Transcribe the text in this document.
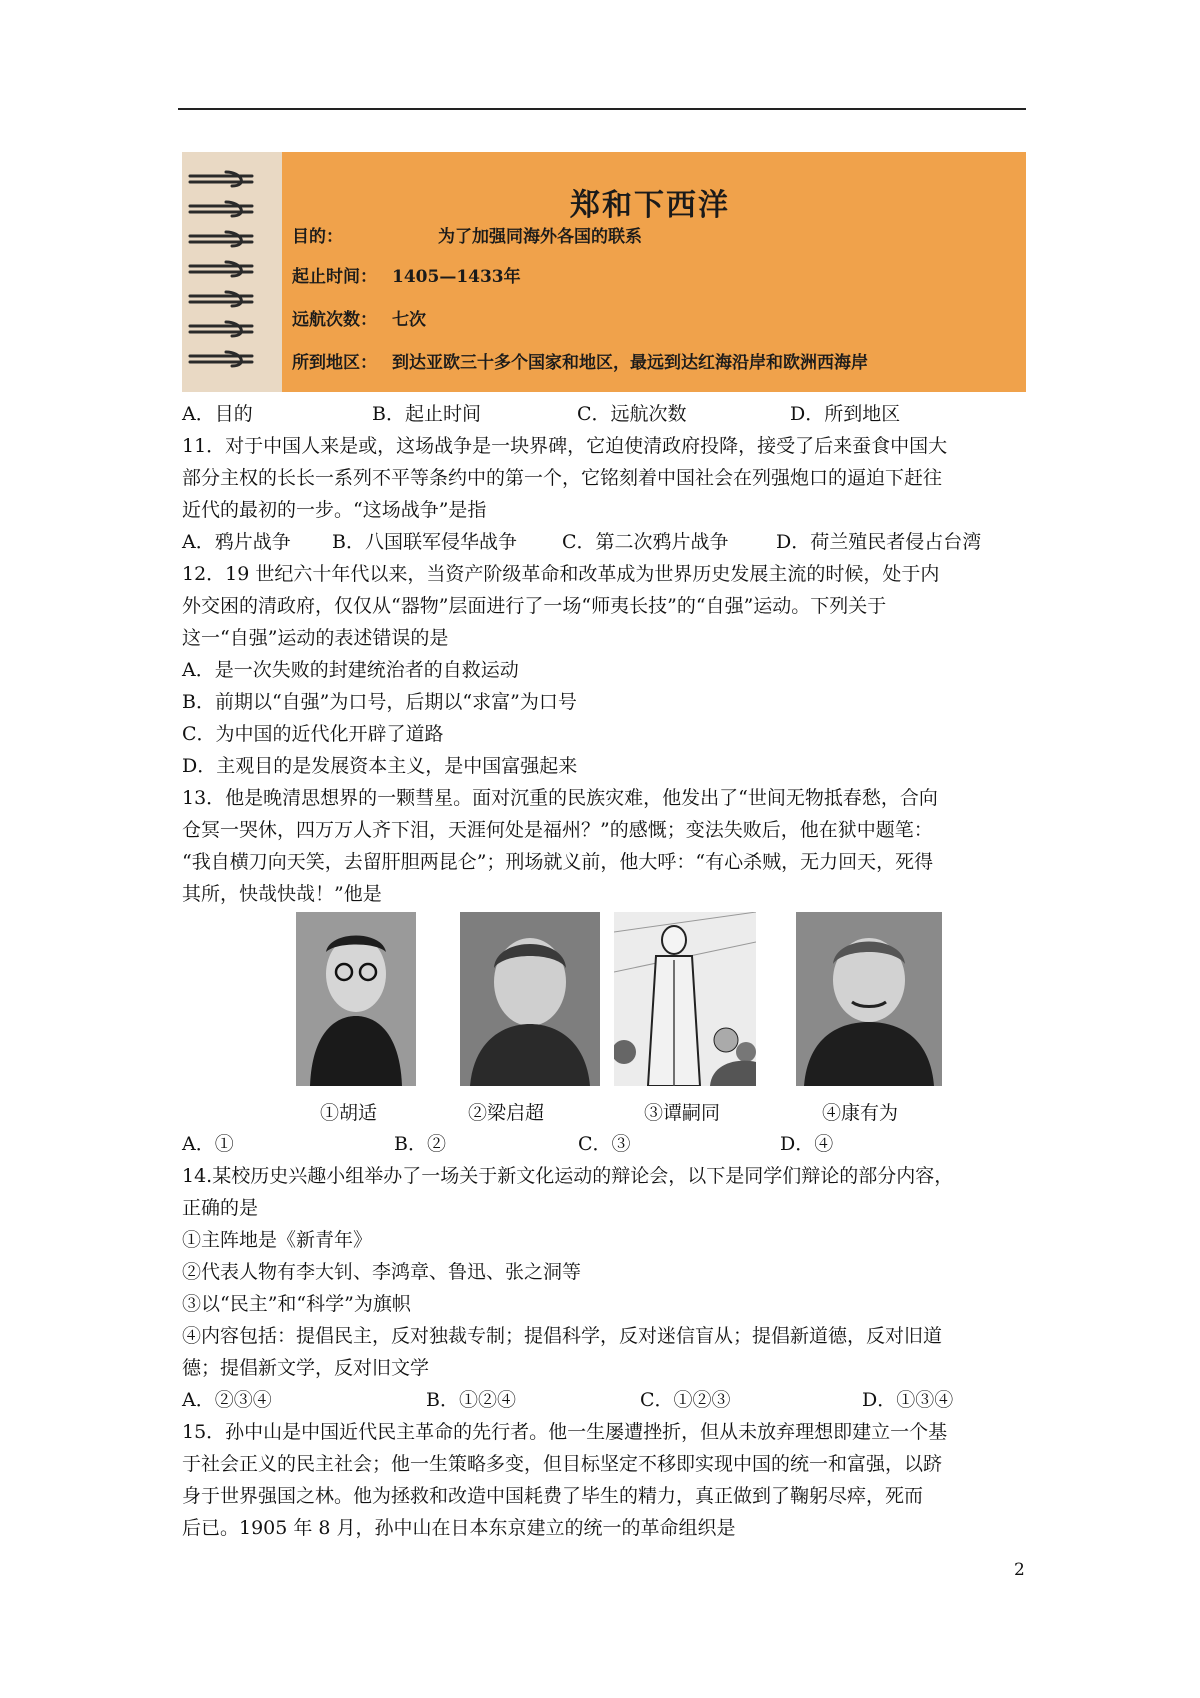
郑和下西洋
目的：	为了加强同海外各国的联系
起止时间： 1405—1433年
远航次数： 七次
所到地区： 到达亚欧三十多个国家和地区，最远到达红海沿岸和欧洲西海岸
A．目的	B．起止时间	C．远航次数	D．所到地区
11．对于中国人来是或，这场战争是一块界碑，它迫使清政府投降，接受了后来蚕食中国大
部分主权的长长一系列不平等条约中的第一个，它铭刻着中国社会在列强炮口的逼迫下赶往
近代的最初的一步。“这场战争”是指
A．鸦片战争 B．八国联军侵华战争 C．第二次鸦片战争 D．荷兰殖民者侵占台湾
12．19 世纪六十年代以来，当资产阶级革命和改革成为世界历史发展主流的时候，处于内
外交困的清政府，仅仅从“器物”层面进行了一场“师夷长技”的“自强”运动。下列关于
这一“自强”运动的表述错误的是
A．是一次失败的封建统治者的自救运动
B．前期以“自强”为口号，后期以“求富”为口号
C．为中国的近代化开辟了道路
D．主观目的是发展资本主义，是中国富强起来
13．他是晚清思想界的一颗彗星。面对沉重的民族灾难，他发出了“世间无物抵春愁，合向
仓冥一哭休，四万万人齐下泪，天涯何处是福州？”的感慨；变法失败后，他在狱中题笔：
“我自横刀向天笑，去留肝胆两昆仑”；刑场就义前，他大呼：“有心杀贼，无力回天，死得
其所，快哉快哉！”他是
①胡适	②梁启超	③谭嗣同	④康有为
A．①	B．②	C．③	D．④
14.某校历史兴趣小组举办了一场关于新文化运动的辩论会，以下是同学们辩论的部分内容，
正确的是
①主阵地是《新青年》
②代表人物有李大钊、李鸿章、鲁迅、张之洞等
③以“民主”和“科学”为旗帜
④内容包括：提倡民主，反对独裁专制；提倡科学，反对迷信盲从；提倡新道德，反对旧道
德；提倡新文学，反对旧文学
A．②③④	B．①②④	C．①②③	D．①③④
15．孙中山是中国近代民主革命的先行者。他一生屡遭挫折，但从未放弃理想即建立一个基
于社会正义的民主社会；他一生策略多变，但目标坚定不移即实现中国的统一和富强，以跻
身于世界强国之林。他为拯救和改造中国耗费了毕生的精力，真正做到了鞠躬尽瘁，死而
后已。1905 年 8 月，孙中山在日本东京建立的统一的革命组织是
2
